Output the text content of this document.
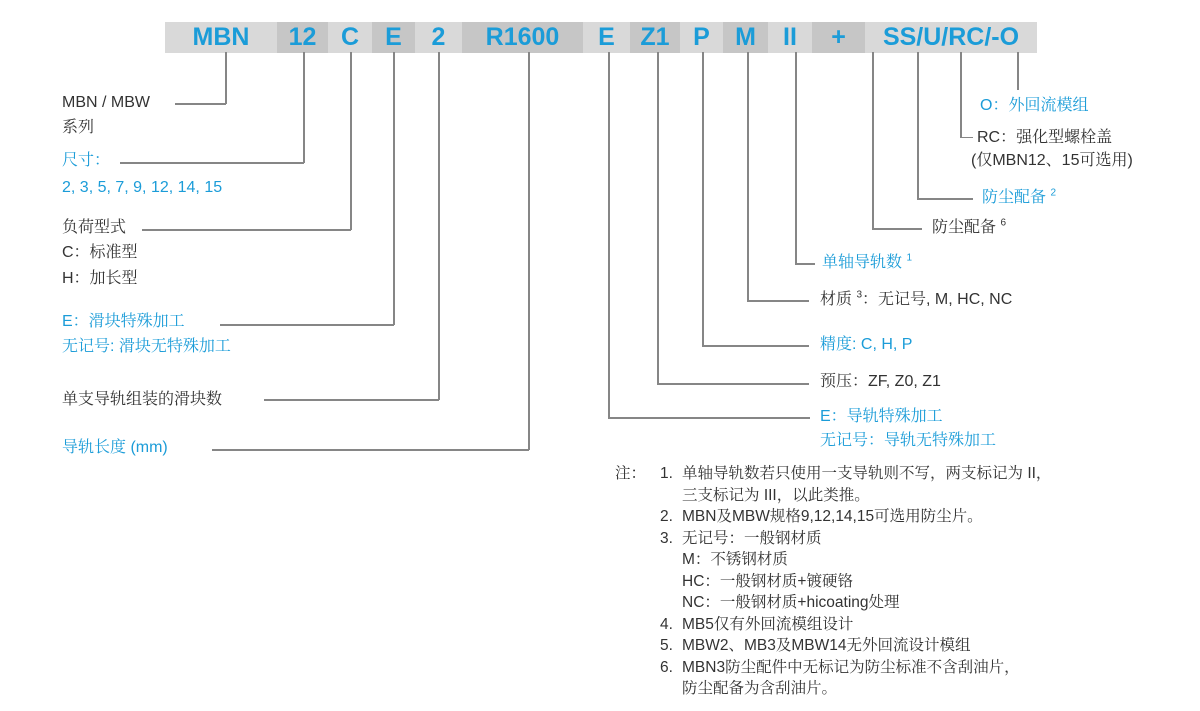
MBN	12 C	E	2	R1600	E	Z1 P	M	II	+	SS/U/RC/-O
MBN / MBW
系列
尺寸：
2, 3, 5, 7, 9, 12, 14, 15
负荷型式
C：标准型
H：加长型
E：滑块特殊加工
无记号: 滑块无特殊加工
单支导轨组装的滑块数
导轨长度 (mm)
O：外回流模组
RC：强化型螺栓盖
(仅MBN12、15可选用)
防尘配备 $^2$
防尘配备 $^6$
单轴导轨数 $^1$
材质 $^3$：无记号, M, HC, NC
精度: C, H, P
预压：ZF, Z0, Z1
E：导轨特殊加工
无记号：导轨无特殊加工
注： 1. 单轴导轨数若只使用一支导轨则不写，两支标记为 II，
三支标记为 III，以此类推。
2. MBN及MBW规格9,12,14,15可选用防尘片。
3. 无记号：一般钢材质
M：不锈钢材质
HC：一般钢材质+镀硬铬
NC：一般钢材质+hicoating处理
4. MB5仅有外回流模组设计
5. MBW2、MB3及MBW14无外回流设计模组
6. MBN3防尘配件中无标记为防尘标准不含刮油片，
防尘配备为含刮油片。
